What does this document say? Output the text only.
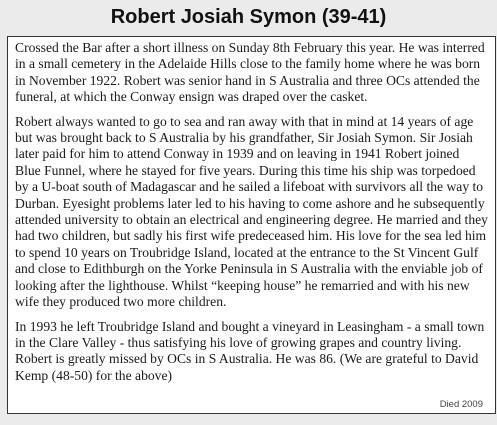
Robert Josiah Symon (39-41)

Crossed the Bar after a short illness on Sunday 8th February this year. He was interred in a small cemetery in the Adelaide Hills close to the family home where he was born in November 1922. Robert was senior hand in S Australia and three OCs attended the funeral, at which the Conway ensign was draped over the casket.

Robert always wanted to go to sea and ran away with that in mind at 14 years of age but was brought back to S Australia by his grandfather, Sir Josiah Symon. Sir Josiah later paid for him to attend Conway in 1939 and on leaving in 1941 Robert joined Blue Funnel, where he stayed for five years. During this time his ship was torpedoed by a U-boat south of Madagascar and he sailed a lifeboat with survivors all the way to Durban. Eyesight problems later led to his having to come ashore and he subsequently attended university to obtain an electrical and engineering degree. He married and they had two children, but sadly his first wife predeceased him. His love for the sea led him to spend 10 years on Troubridge Island, located at the entrance to the St Vincent Gulf and close to Edithburgh on the Yorke Peninsula in S Australia with the enviable job of looking after the lighthouse. Whilst “keeping house” he remarried and with his new wife they produced two more children.

In 1993 he left Troubridge Island and bought a vineyard in Leasingham - a small town in the Clare Valley - thus satisfying his love of growing grapes and country living. Robert is greatly missed by OCs in S Australia. He was 86. (We are grateful to David Kemp (48-50) for the above)

Died 2009
